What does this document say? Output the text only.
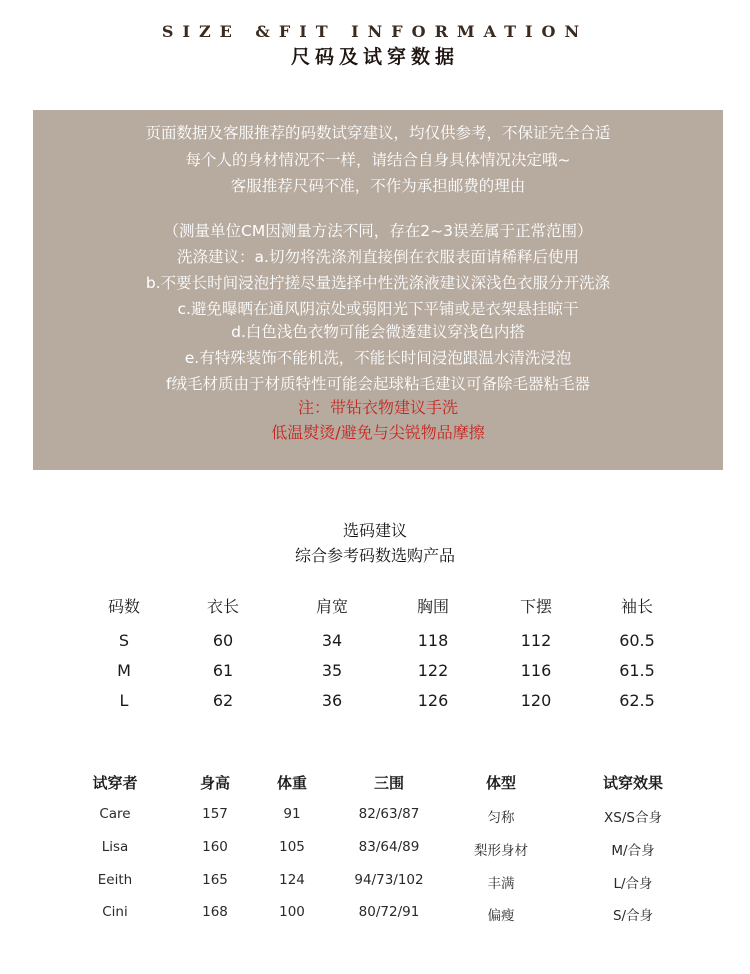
SIZE &FIT INFORMATION
尺码及试穿数据
页面数据及客服推荐的码数试穿建议，均仅供参考，不保证完全合适
每个人的身材情况不一样，请结合自身具体情况决定哦~
客服推荐尺码不准，不作为承担邮费的理由
（测量单位CM因测量方法不同，存在2~3误差属于正常范围）
洗涤建议：a.切勿将洗涤剂直接倒在衣服表面请稀释后使用
b.不要长时间浸泡拧搓尽量选择中性洗涤液建议深浅色衣服分开洗涤
c.避免曝晒在通风阴凉处或弱阳光下平铺或是衣架悬挂晾干
d.白色浅色衣物可能会微透建议穿浅色内搭
e.有特殊装饰不能机洗，不能长时间浸泡跟温水清洗浸泡
f绒毛材质由于材质特性可能会起球粘毛建议可备除毛器粘毛器
注：带钻衣物建议手洗
低温熨烫/避免与尖锐物品摩擦
选码建议
综合参考码数选购产品
码数	衣长	肩宽	胸围	下摆	袖长
S	60	34	118	112	60.5
M	61	35	122	116	61.5
L	62	36	126	120	62.5
试穿者	身高	体重	三围	体型	试穿效果
Care	157	91	82/63/87	匀称	XS/S合身
Lisa	160	105	83/64/89	梨形身材	M/合身
Eeith	165	124	94/73/102	丰满	L/合身
Cini	168	100	80/72/91	偏瘦	S/合身
